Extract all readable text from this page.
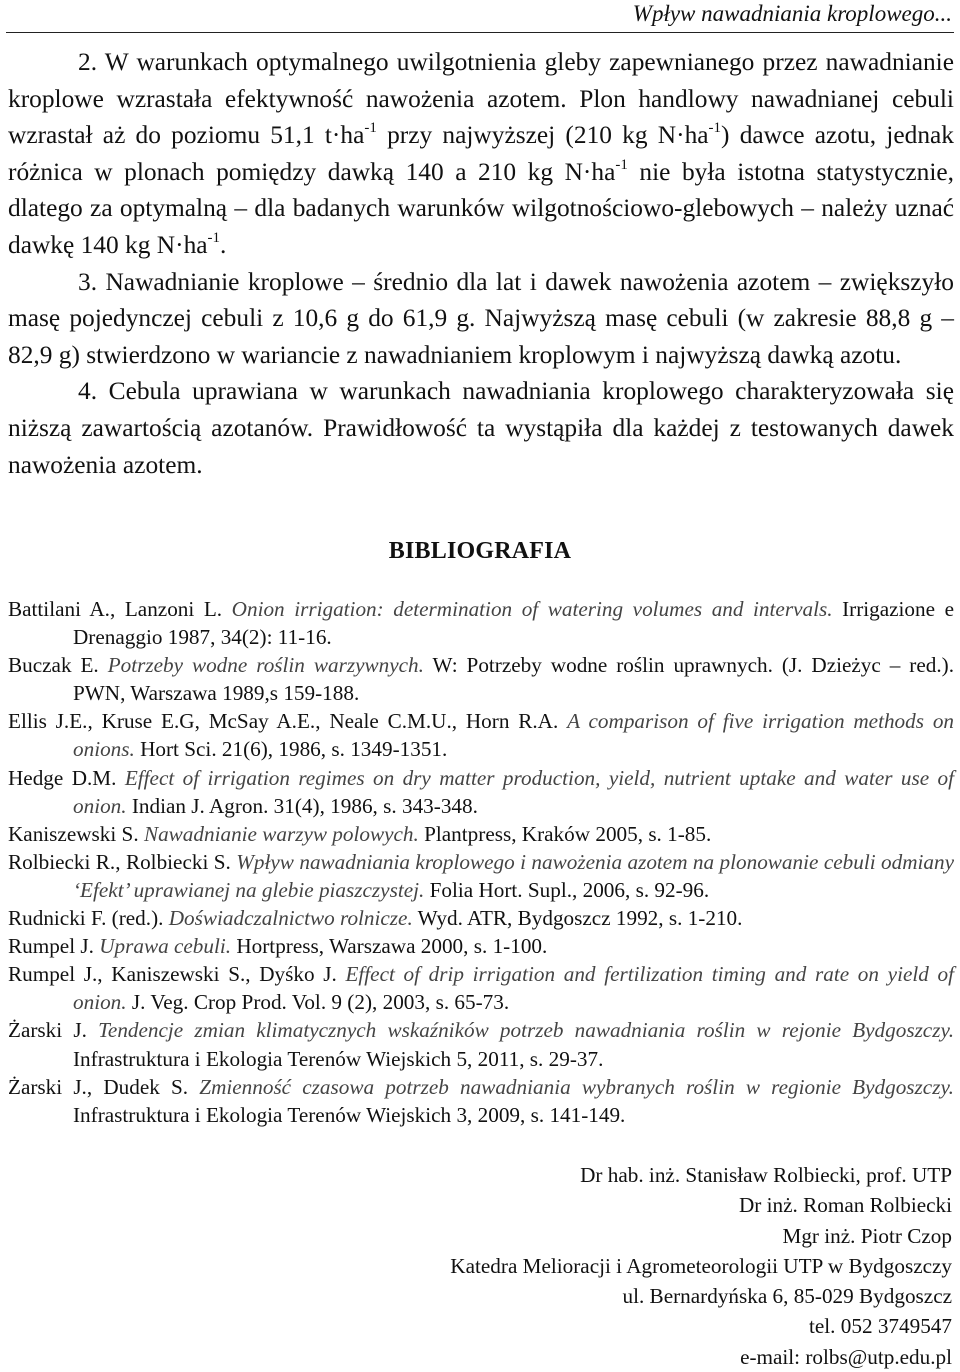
Wpływ nawadniania kroplowego...

2. W warunkach optymalnego uwilgotnienia gleby zapewnianego przez nawadnianie kroplowe wzrastała efektywność nawożenia azotem. Plon handlowy nawadnianej cebuli wzrastał aż do poziomu 51,1 $t\cdot ha^{-1}$ przy najwyższej (210 kg $N\cdot ha^{-1}$) dawce azotu, jednak różnica w plonach pomiędzy dawką 140 a 210 kg $N\cdot ha^{-1}$ nie była istotna statystycznie, dlatego za optymalną – dla badanych warunków wilgotnościowo-glebowych – należy uznać dawkę 140 kg $N\cdot ha^{-1}$.

3. Nawadnianie kroplowe – średnio dla lat i dawek nawożenia azotem – zwiększyło masę pojedynczej cebuli z 10,6 g do 61,9 g. Najwyższą masę cebuli (w zakresie 88,8 g – 82,9 g) stwierdzono w wariancie z nawadnianiem kroplowym i najwyższą dawką azotu.

4. Cebula uprawiana w warunkach nawadniania kroplowego charakteryzowała się niższą zawartością azotanów. Prawidłowość ta wystąpiła dla każdej z testowanych dawek nawożenia azotem.

BIBLIOGRAFIA

Battilani A., Lanzoni L. Onion irrigation: determination of watering volumes and intervals. Irrigazione e Drenaggio 1987, 34(2): 11-16.

Buczak E. Potrzeby wodne roślin warzywnych. W: Potrzeby wodne roślin uprawnych. (J. Dzieżyc – red.). PWN, Warszawa 1989,s 159-188.

Ellis J.E., Kruse E.G, McSay A.E., Neale C.M.U., Horn R.A. A comparison of five irrigation methods on onions. Hort Sci. 21(6), 1986, s. 1349-1351.

Hedge D.M. Effect of irrigation regimes on dry matter production, yield, nutrient uptake and water use of onion. Indian J. Agron. 31(4), 1986, s. 343-348.

Kaniszewski S. Nawadnianie warzyw polowych. Plantpress, Kraków 2005, s. 1-85.

Rolbiecki R., Rolbiecki S. Wpływ nawadniania kroplowego i nawożenia azotem na plonowanie cebuli odmiany ‘Efekt’ uprawianej na glebie piaszczystej. Folia Hort. Supl., 2006, s. 92-96.

Rudnicki F. (red.). Doświadczalnictwo rolnicze. Wyd. ATR, Bydgoszcz 1992, s. 1-210.

Rumpel J. Uprawa cebuli. Hortpress, Warszawa 2000, s. 1-100.

Rumpel J., Kaniszewski S., Dyśko J. Effect of drip irrigation and fertilization timing and rate on yield of onion. J. Veg. Crop Prod. Vol. 9 (2), 2003, s. 65-73.

Żarski J. Tendencje zmian klimatycznych wskaźników potrzeb nawadniania roślin w rejonie Bydgoszczy. Infrastruktura i Ekologia Terenów Wiejskich 5, 2011, s. 29-37.

Żarski J., Dudek S. Zmienność czasowa potrzeb nawadniania wybranych roślin w regionie Bydgoszczy. Infrastruktura i Ekologia Terenów Wiejskich 3, 2009, s. 141-149.

Dr hab. inż. Stanisław Rolbiecki, prof. UTP
Dr inż. Roman Rolbiecki
Mgr inż. Piotr Czop
Katedra Melioracji i Agrometeorologii UTP w Bydgoszczy
ul. Bernardyńska 6, 85-029 Bydgoszcz
tel. 052 3749547
e-mail: rolbs@utp.edu.pl
